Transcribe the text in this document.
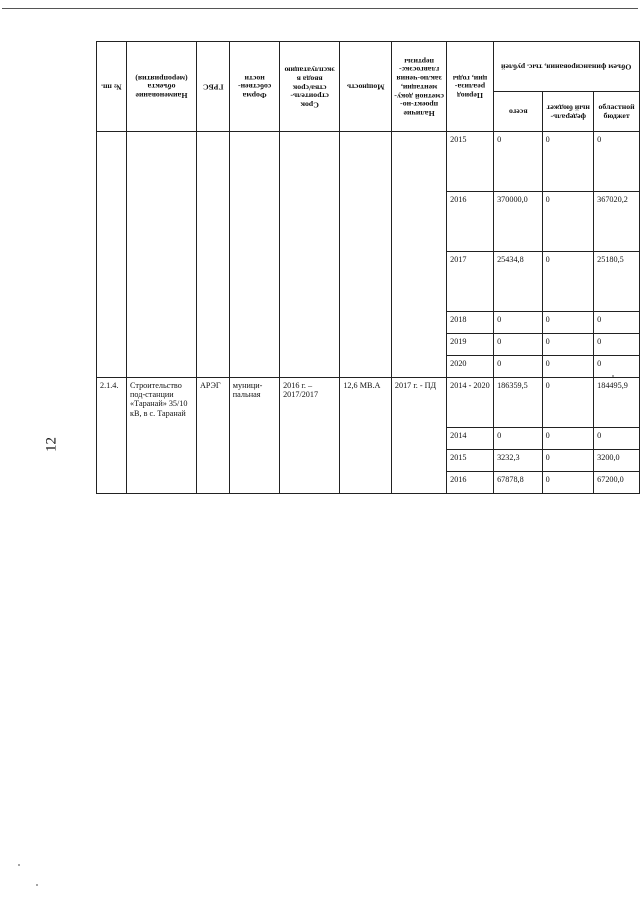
12
№ пп.	Наименование объекта (мероприятия)	ГРБС	Форма собствен-ности	Срок строитель-ства/срок ввода в эксплуатацию	Мощность	Наличие проект-но-сметной доку-ментации, заклю-чения главгосэкс-пертизы	Период реализа-ции, годы	Объем финансирования, тыс. рублей		
								всего	федераль-ный бюджет	областной бюджет
							2015	0	0	0
							2016	370000,0	0	367020,2
							2017	25434,8	0	25180,5
							2018	0	0	0
							2019	0	0	0
							2020	0	0	0
2.1.4.	Строительство под-станции «Таранай» 35/10 кВ, в с. Таранай	АРЭГ	муници-пальная	2016 г. – 2017/2017	12,6 МВ.А	2017 г. - ПД	2014 - 2020	186359,5	0	184495,9
							2014	0	0	0
							2015	3232,3	0	3200,0
							2016	67878,8	0	67200,0
